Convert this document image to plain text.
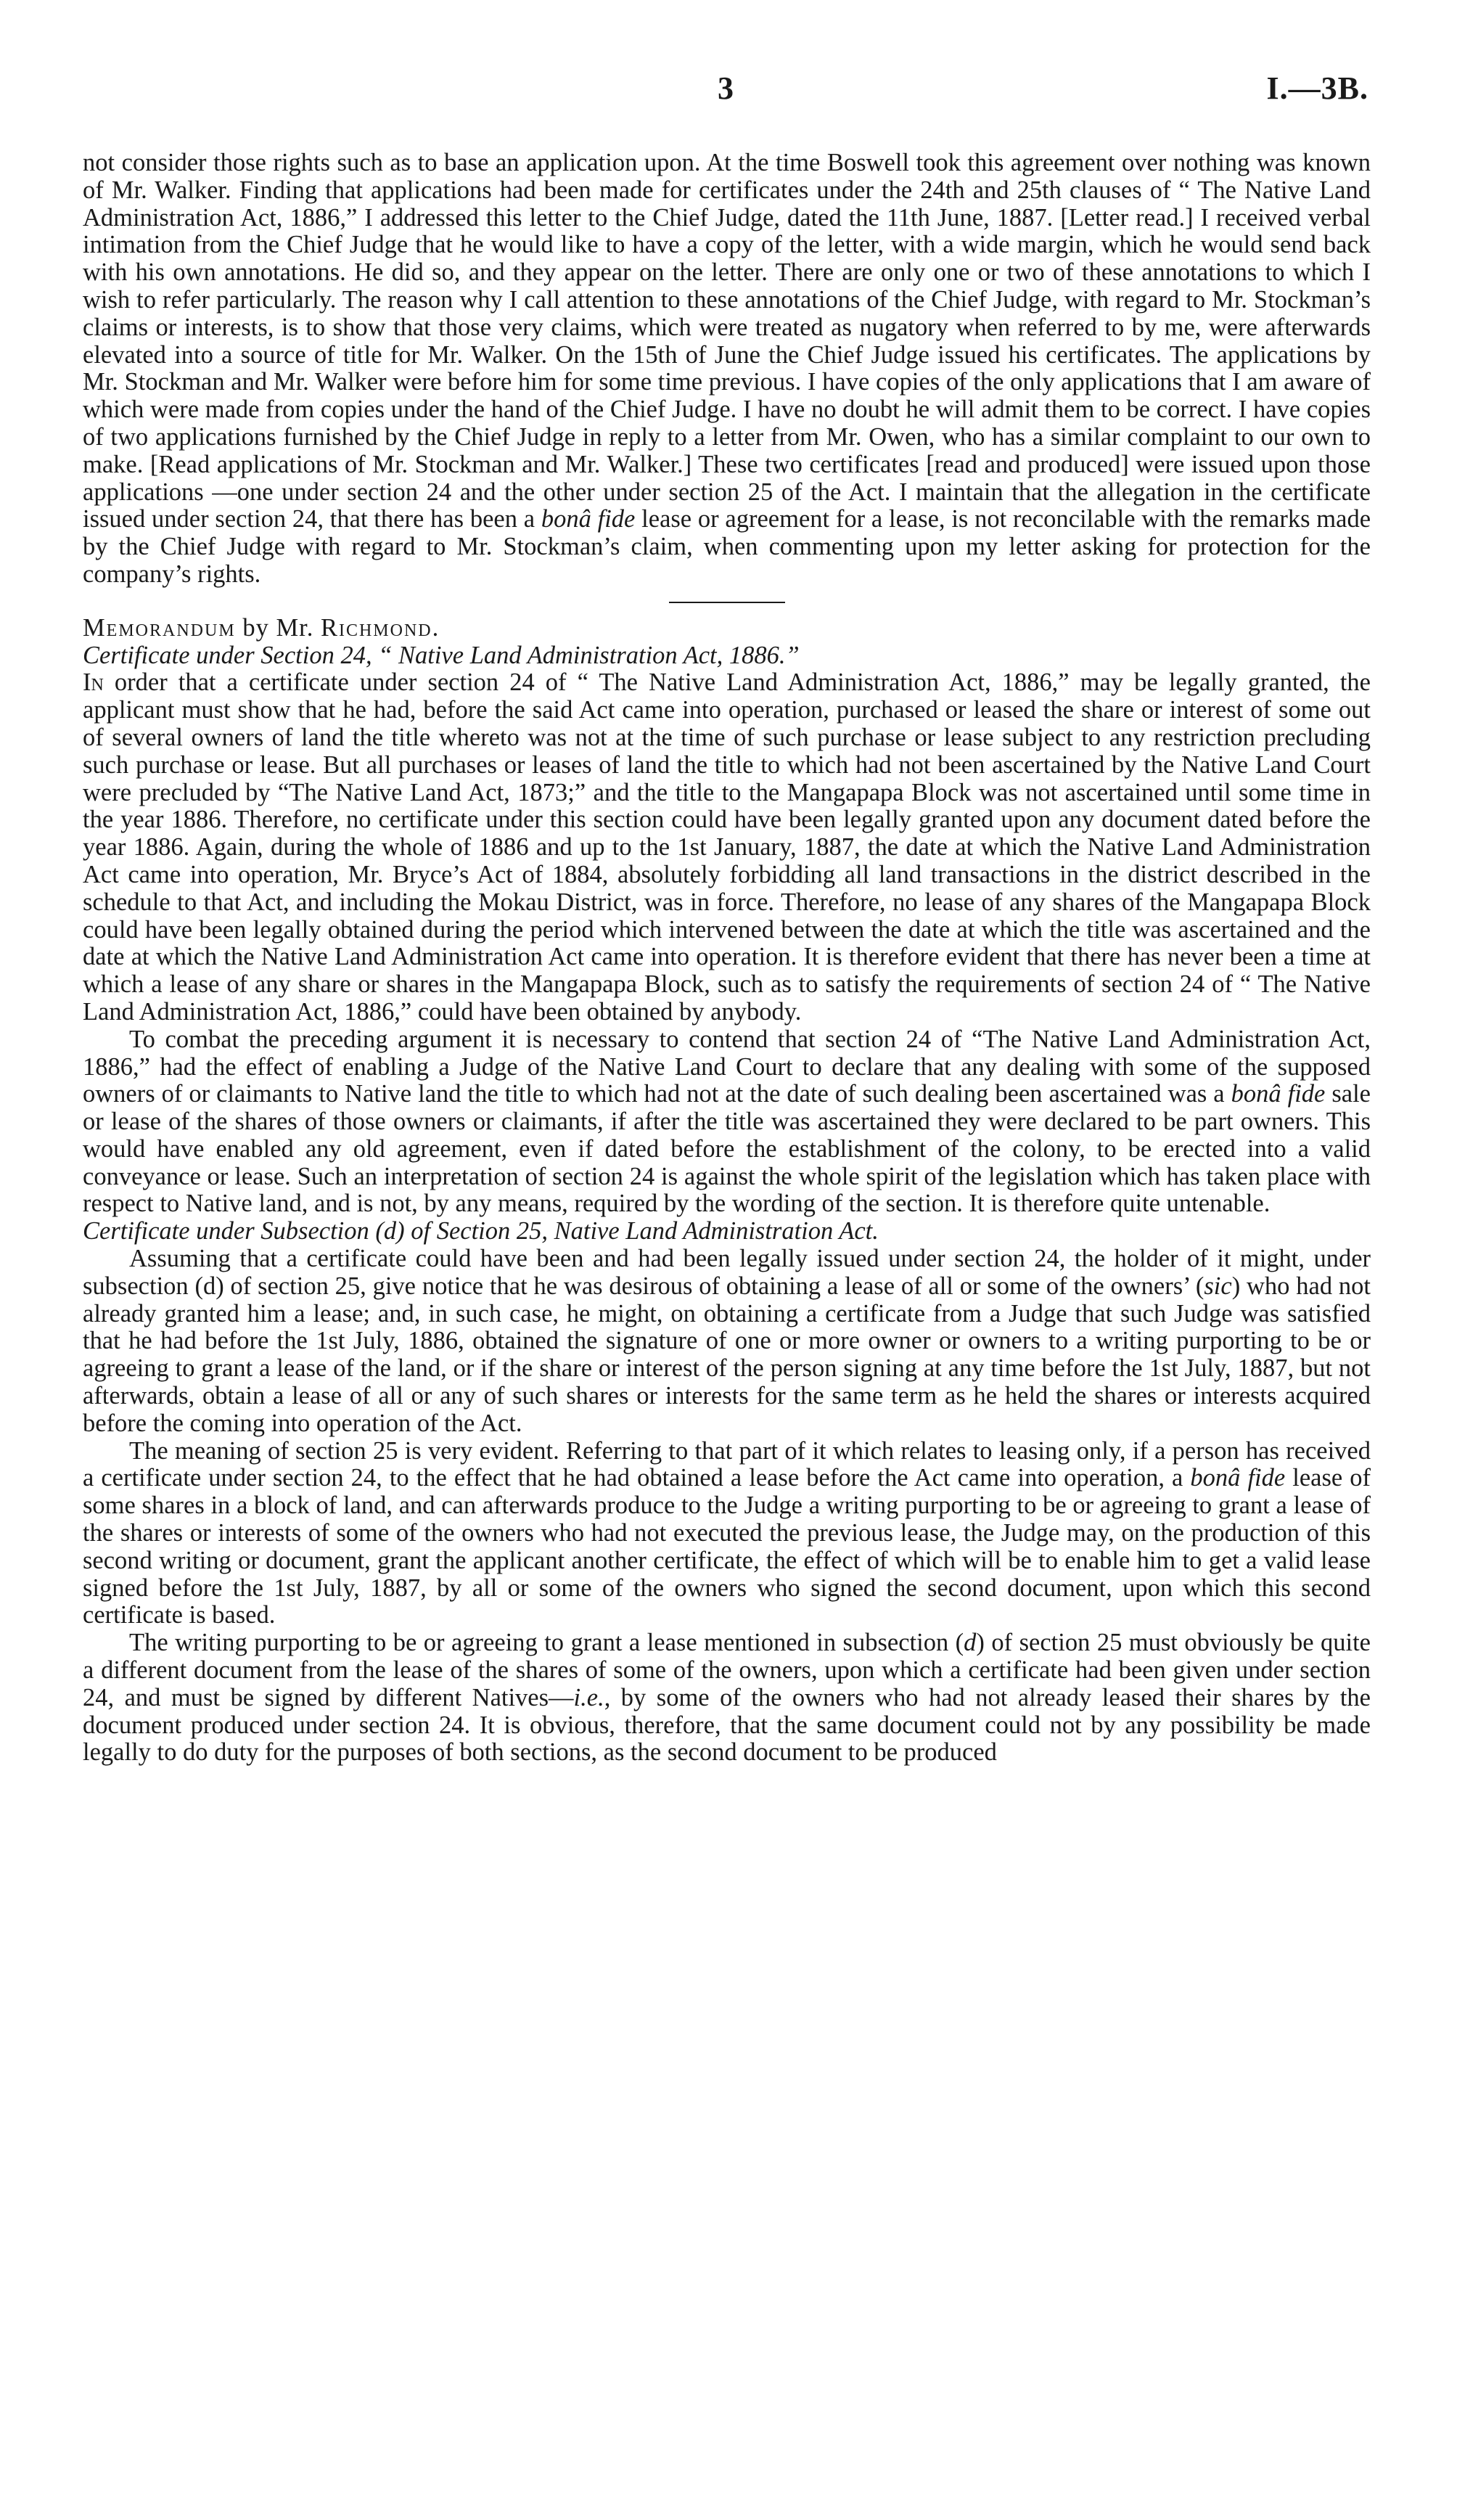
3	I.—3B.

not consider those rights such as to base an application upon. At the time Boswell took this agreement over nothing was known of Mr. Walker. Finding that applications had been made for certificates under the 24th and 25th clauses of “ The Native Land Administration Act, 1886,” I addressed this letter to the Chief Judge, dated the 11th June, 1887. [Letter read.] I received verbal intimation from the Chief Judge that he would like to have a copy of the letter, with a wide margin, which he would send back with his own annotations. He did so, and they appear on the letter. There are only one or two of these annotations to which I wish to refer particularly. The reason why I call attention to these annotations of the Chief Judge, with regard to Mr. Stockman’s claims or interests, is to show that those very claims, which were treated as nugatory when referred to by me, were afterwards elevated into a source of title for Mr. Walker. On the 15th of June the Chief Judge issued his certificates. The applications by Mr. Stockman and Mr. Walker were before him for some time previous. I have copies of the only applications that I am aware of which were made from copies under the hand of the Chief Judge. I have no doubt he will admit them to be correct. I have copies of two applications furnished by the Chief Judge in reply to a letter from Mr. Owen, who has a similar complaint to our own to make. [Read applications of Mr. Stockman and Mr. Walker.] These two certificates [read and produced] were issued upon those applications —one under section 24 and the other under section 25 of the Act. I maintain that the allegation in the certificate issued under section 24, that there has been a bonâ fide lease or agreement for a lease, is not reconcilable with the remarks made by the Chief Judge with regard to Mr. Stockman’s claim, when commenting upon my letter asking for protection for the company’s rights.

Memorandum by Mr. Richmond.

Certificate under Section 24, “ Native Land Administration Act, 1886.”

In order that a certificate under section 24 of “ The Native Land Administration Act, 1886,” may be legally granted, the applicant must show that he had, before the said Act came into operation, purchased or leased the share or interest of some out of several owners of land the title whereto was not at the time of such purchase or lease subject to any restriction precluding such purchase or lease. But all purchases or leases of land the title to which had not been ascertained by the Native Land Court were precluded by “The Native Land Act, 1873;” and the title to the Mangapapa Block was not ascertained until some time in the year 1886. Therefore, no certificate under this section could have been legally granted upon any document dated before the year 1886. Again, during the whole of 1886 and up to the 1st January, 1887, the date at which the Native Land Administration Act came into operation, Mr. Bryce’s Act of 1884, absolutely forbidding all land transactions in the district described in the schedule to that Act, and including the Mokau District, was in force. Therefore, no lease of any shares of the Mangapapa Block could have been legally obtained during the period which intervened between the date at which the title was ascertained and the date at which the Native Land Administration Act came into operation. It is therefore evident that there has never been a time at which a lease of any share or shares in the Mangapapa Block, such as to satisfy the requirements of section 24 of “ The Native Land Administration Act, 1886,” could have been obtained by anybody.

To combat the preceding argument it is necessary to contend that section 24 of “The Native Land Administration Act, 1886,” had the effect of enabling a Judge of the Native Land Court to declare that any dealing with some of the supposed owners of or claimants to Native land the title to which had not at the date of such dealing been ascertained was a bonâ fide sale or lease of the shares of those owners or claimants, if after the title was ascertained they were declared to be part owners. This would have enabled any old agreement, even if dated before the establishment of the colony, to be erected into a valid conveyance or lease. Such an interpretation of section 24 is against the whole spirit of the legislation which has taken place with respect to Native land, and is not, by any means, required by the wording of the section. It is therefore quite untenable.

Certificate under Subsection (d) of Section 25, Native Land Administration Act.

Assuming that a certificate could have been and had been legally issued under section 24, the holder of it might, under subsection (d) of section 25, give notice that he was desirous of obtaining a lease of all or some of the owners’ (sic) who had not already granted him a lease; and, in such case, he might, on obtaining a certificate from a Judge that such Judge was satisfied that he had before the 1st July, 1886, obtained the signature of one or more owner or owners to a writing purporting to be or agreeing to grant a lease of the land, or if the share or interest of the person signing at any time before the 1st July, 1887, but not afterwards, obtain a lease of all or any of such shares or interests for the same term as he held the shares or interests acquired before the coming into operation of the Act.

The meaning of section 25 is very evident. Referring to that part of it which relates to leasing only, if a person has received a certificate under section 24, to the effect that he had obtained a lease before the Act came into operation, a bonâ fide lease of some shares in a block of land, and can afterwards produce to the Judge a writing purporting to be or agreeing to grant a lease of the shares or interests of some of the owners who had not executed the previous lease, the Judge may, on the production of this second writing or document, grant the applicant another certificate, the effect of which will be to enable him to get a valid lease signed before the 1st July, 1887, by all or some of the owners who signed the second document, upon which this second certificate is based.

The writing purporting to be or agreeing to grant a lease mentioned in subsection (d) of section 25 must obviously be quite a different document from the lease of the shares of some of the owners, upon which a certificate had been given under section 24, and must be signed by different Natives—i.e., by some of the owners who had not already leased their shares by the document produced under section 24. It is obvious, therefore, that the same document could not by any possibility be made legally to do duty for the purposes of both sections, as the second document to be produced
